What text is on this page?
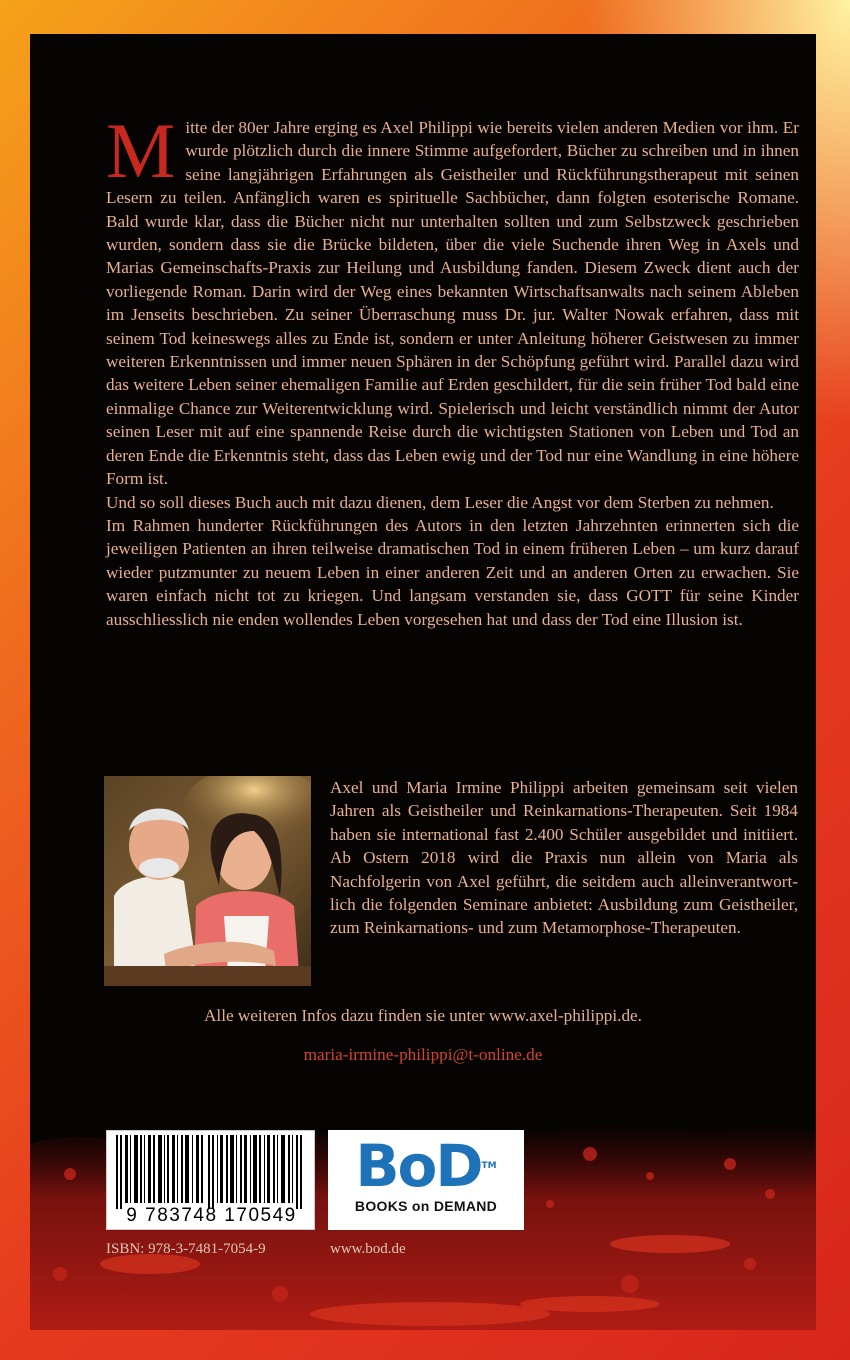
M itte der 80er Jahre erging es Axel Philippi wie bereits vielen anderen Medien vor ihm. Er wurde plötzlich durch die innere Stimme aufgefordert, Bücher zu schreiben und in ihnen seine langjährigen Erfahrungen als Geistheiler und Rückführungstherapeut mit seinen Lesern zu teilen. Anfänglich waren es spirituelle Sachbücher, dann folgten esoterische Romane. Bald wurde klar, dass die Bücher nicht nur unterhalten sollten und zum Selbstzweck geschrieben wurden, sondern dass sie die Brücke bildeten, über die viele Suchende ihren Weg in Axels und Marias Gemeinschafts-Praxis zur Heilung und Ausbildung fanden. Diesem Zweck dient auch der vorliegende Roman. Darin wird der Weg eines bekannten Wirtschaftsanwalts nach seinem Ableben im Jenseits beschrieben. Zu seiner Überraschung muss Dr. jur. Walter Nowak erfahren, dass mit seinem Tod keineswegs alles zu Ende ist, sondern er unter Anleitung höherer Geistwesen zu immer weiteren Erkenntnissen und immer neuen Sphären in der Schöpfung geführt wird. Parallel dazu wird das weitere Leben seiner ehemaligen Familie auf Erden geschildert, für die sein früher Tod bald eine einmalige Chance zur Weiterentwicklung wird. Spielerisch und leicht verständlich nimmt der Autor seinen Leser mit auf eine spannende Reise durch die wichtigsten Stationen von Leben und Tod an deren Ende die Erkenntnis steht, dass das Leben ewig und der Tod nur eine Wandlung in eine höhere Form ist.

Und so soll dieses Buch auch mit dazu dienen, dem Leser die Angst vor dem Sterben zu nehmen.

Im Rahmen hunderter Rückführungen des Autors in den letzten Jahrzehnten erinnerten sich die jeweiligen Patienten an ihren teilweise dramatischen Tod in einem früheren Leben – um kurz darauf wieder putzmunter zu neuem Leben in einer anderen Zeit und an anderen Orten zu erwachen. Sie waren einfach nicht tot zu kriegen. Und langsam verstanden sie, dass GOTT für seine Kinder ausschliesslich nie enden wollendes Leben vorgesehen hat und dass der Tod eine Illusion ist.

Axel und Maria Irmine Philippi arbeiten gemeinsam seit vielen Jahren als Geistheiler und Reinkarnations-Therapeuten. Seit 1984 haben sie international fast 2.400 Schüler ausgebildet und initiiert. Ab Ostern 2018 wird die Praxis nun allein von Maria als Nachfolgerin von Axel geführt, die seitdem auch alleinverantwortlich die folgenden Seminare anbietet: Ausbildung zum Geistheiler, zum Reinkarnations- und zum Metamorphose-Therapeuten.
Alle weiteren Infos dazu finden sie unter www.axel-philippi.de.
maria-irmine-philippi@t-online.de
9 783748 170549
BoD™
BOOKS on DEMAND
ISBN: 978-3-7481-7054-9	www.bod.de
